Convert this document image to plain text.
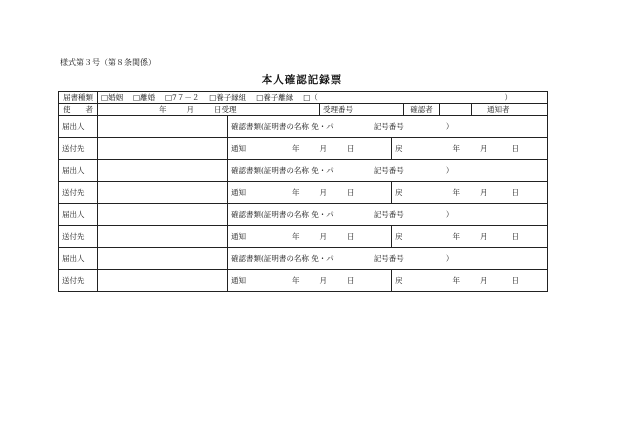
様式第３号（第８条関係）
本人確認記録票
届書種類	□婚姻  □離婚  □7７－２  □養子縁組  □養子離縁  □（ ）						

使　　者	年 月 日受理		受理番号		確認者		通知者
届出人		確認書類(証明書の名称 免・パ 記号番号 ）					
送付先		通知 年 月 日		戻 年 月 日			
届出人		確認書類(証明書の名称 免・パ 記号番号 ）					
送付先		通知 年 月 日		戻 年 月 日			
届出人		確認書類(証明書の名称 免・パ 記号番号 ）					
送付先		通知 年 月 日		戻 年 月 日			
届出人		確認書類(証明書の名称 免・パ 記号番号 ）					
送付先		通知 年 月 日		戻 年 月 日			
